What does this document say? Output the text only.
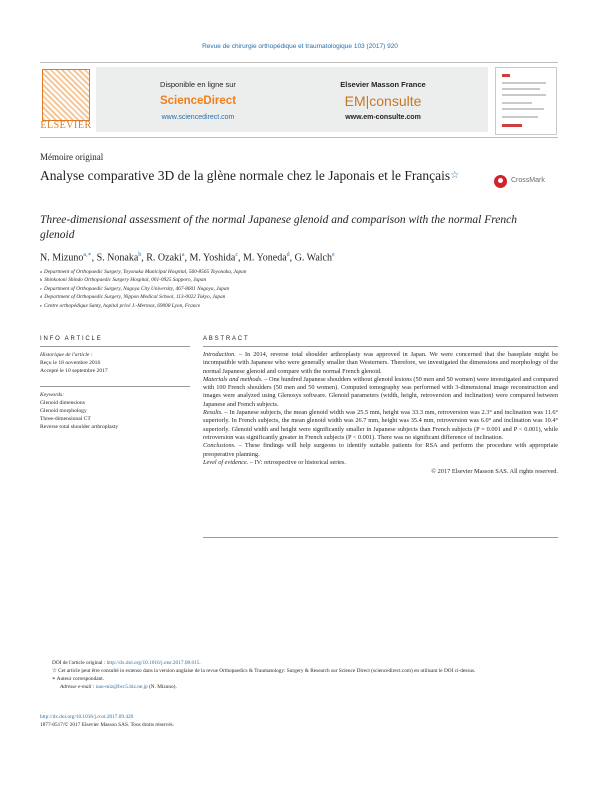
Revue de chirurgie orthopédique et traumatologique 103 (2017) 920
ELSEVIER
Disponible en ligne sur
ScienceDirect
www.sciencedirect.com
Elsevier Masson France
EM|consulte
www.em-consulte.com
Mémoire original
Analyse comparative 3D de la glène normale chez le Japonais et le Français☆	CrossMark
Three-dimensional assessment of the normal Japanese glenoid and comparison with the normal French glenoid
N. Mizuno$^{a,∗}$, S. Nonaka$^b$, R. Ozaki$^a$, M. Yoshida$^c$, M. Yoneda$^d$, G. Walch$^e$
$^a$ Department of Orthopaedic Surgery, Toyonaka Municipal Hospital, 560-8565 Toyonaka, Japan
$^b$ Shinkotoni Shindo Orthopaedic Surgery Hospital, 001-0925 Sapporo, Japan
$^c$ Department of Orthopaedic Surgery, Nagoya City University, 467-8601 Nagoya, Japan
$^d$ Department of Orthopaedic Surgery, Nippon Medical School, 113-0022 Tokyo, Japan
$^e$ Centre orthopédique Santy, hopital privé J.-Mermoz, 69008 Lyon, France
INFO ARTICLE
Historique de l'article :
Reçu le 18 novembre 2016
Accepté le 10 septembre 2017
Keywords:
Glenoid dimensions
Glenoid morphology
Three-dimensional CT
Reverse total shoulder arthroplasty
ABSTRACT

Introduction. – In 2014, reverse total shoulder arthroplasty was approved in Japan. We were concerned that the baseplate might be incompatible with Japanese who were generally smaller than Westerners. Therefore, we investigated the dimensions and morphology of the normal Japanese glenoid and compare with the normal French glenoid.

Materials and methods. – One hundred Japanese shoulders without glenoid lesions (50 men and 50 women) were investigated and compared with 100 French shoulders (50 men and 50 women). Computed tomography was performed with 3-dimensional image reconstruction and images were analyzed using Glenosys software. Glenoid parameters (width, height, retroversion and inclination) were compared between Japanese and French subjects.

Results. – In Japanese subjects, the mean glenoid width was 25.5 mm, height was 33.3 mm, retroversion was 2.3° and inclination was 11.6° superiorly. In French subjects, the mean glenoid width was 26.7 mm, height was 35.4 mm, retroversion was 6.0° and inclination was 10.4° superiorly. Glenoid width and height were significantly smaller in Japanese subjects than French subjects (P = 0.001 and P < 0.001), while retroversion was significantly greater in French subjects (P < 0.001). There was no significant difference of inclination.

Conclusions. – These findings will help surgeons to identify suitable patients for RSA and perform the procedure with appropriate preoperative planning.

Level of evidence. – IV: retrospective or historical series.

© 2017 Elsevier Masson SAS. All rights reserved.

DOI de l'article original : http://dx.doi.org/10.1016/j.otsr.2017.08.015.
☆ Cet article peut être consulté in extenso dans la version anglaise de la revue Orthopaedics & Traumatology: Surgery & Research sur Science Direct (sciencedirect.com) en utilisant le DOI ci-dessus.
∗ Auteur correspondant.
Adresse e-mail : nao-miz@bcc5.biz.ne.jp (N. Mizuno).
http://dx.doi.org/10.1016/j.rcot.2017.09.420
1877-0517/© 2017 Elsevier Masson SAS. Tous droits réservés.
